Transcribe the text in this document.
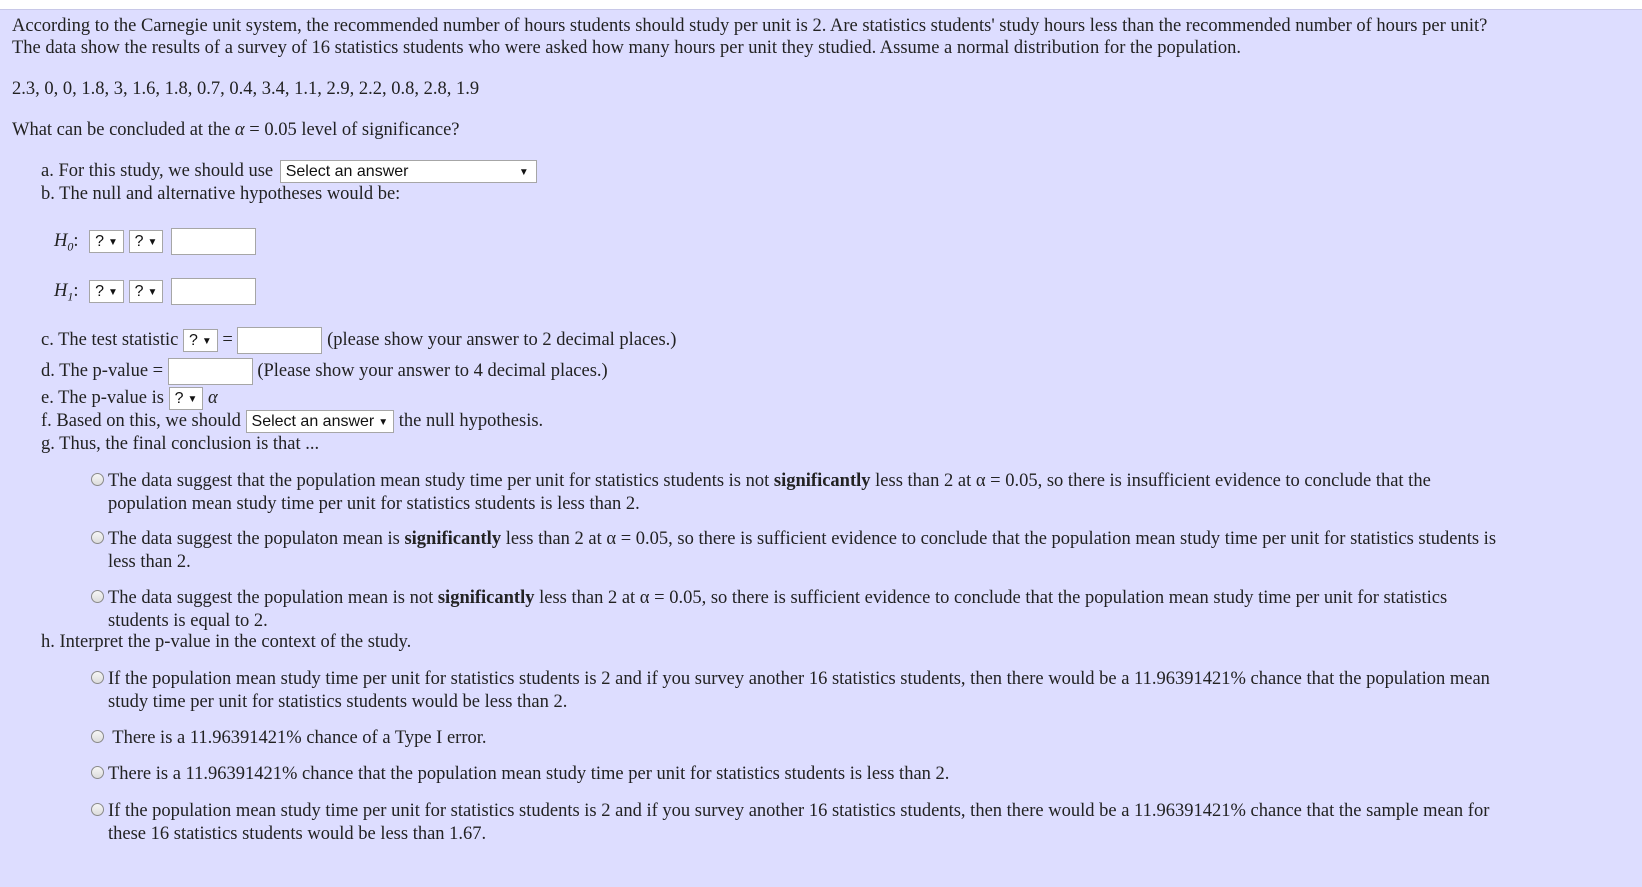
According to the Carnegie unit system, the recommended number of hours students should study per unit is 2. Are statistics students' study hours less than the recommended number of hours per unit?
The data show the results of a survey of 16 statistics students who were asked how many hours per unit they studied. Assume a normal distribution for the population.
2.3, 0, 0, 1.8, 3, 1.6, 1.8, 0.7, 0.4, 3.4, 1.1, 2.9, 2.2, 0.8, 2.8, 1.9
What can be concluded at the α = 0.05 level of significance?
a. For this study, we should use Select an answer	▼
b. The null and alternative hypotheses would be:
$H_0$: ? ▼ ? ▼
$H_1$: ? ▼ ? ▼
c. The test statistic ? ▼ =	(please show your answer to 2 decimal places.)
d. The p-value =	(Please show your answer to 4 decimal places.)
e. The p-value is ? ▼ α
f. Based on this, we should Select an answer ▼ the null hypothesis.
g. Thus, the final conclusion is that ...
The data suggest that the population mean study time per unit for statistics students is not significantly less than 2 at α = 0.05, so there is insufficient evidence to conclude that the
population mean study time per unit for statistics students is less than 2.
The data suggest the populaton mean is significantly less than 2 at α = 0.05, so there is sufficient evidence to conclude that the population mean study time per unit for statistics students is
less than 2.
The data suggest the population mean is not significantly less than 2 at α = 0.05, so there is sufficient evidence to conclude that the population mean study time per unit for statistics
students is equal to 2.
h. Interpret the p-value in the context of the study.
If the population mean study time per unit for statistics students is 2 and if you survey another 16 statistics students, then there would be a 11.96391421% chance that the population mean
study time per unit for statistics students would be less than 2.
There is a 11.96391421% chance of a Type I error.
There is a 11.96391421% chance that the population mean study time per unit for statistics students is less than 2.
If the population mean study time per unit for statistics students is 2 and if you survey another 16 statistics students, then there would be a 11.96391421% chance that the sample mean for
these 16 statistics students would be less than 1.67.
